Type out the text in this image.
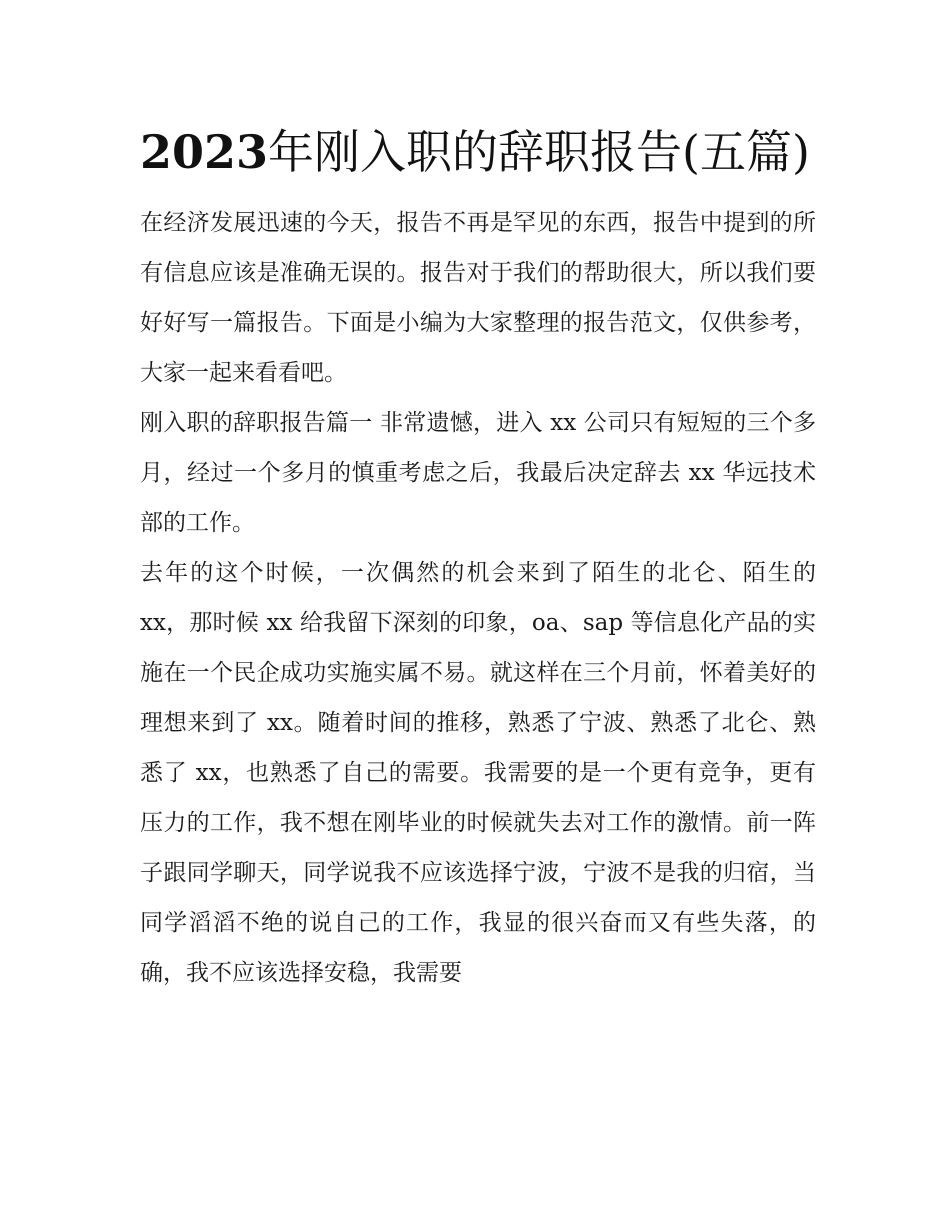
2023年刚入职的辞职报告(五篇)

在经济发展迅速的今天，报告不再是罕见的东西，报告中提到的所有信息应该是准确无误的。报告对于我们的帮助很大，所以我们要好好写一篇报告。下面是小编为大家整理的报告范文，仅供参考，大家一起来看看吧。

刚入职的辞职报告篇一 非常遗憾，进入 xx 公司只有短短的三个多月，经过一个多月的慎重考虑之后，我最后决定辞去 xx 华远技术部的工作。

去年的这个时候，一次偶然的机会来到了陌生的北仑、陌生的 xx，那时候 xx 给我留下深刻的印象，oa、sap 等信息化产品的实施在一个民企成功实施实属不易。就这样在三个月前，怀着美好的理想来到了 xx。随着时间的推移，熟悉了宁波、熟悉了北仑、熟悉了 xx，也熟悉了自己的需要。我需要的是一个更有竞争，更有压力的工作，我不想在刚毕业的时候就失去对工作的激情。前一阵子跟同学聊天，同学说我不应该选择宁波，宁波不是我的归宿，当同学滔滔不绝的说自己的工作，我显的很兴奋而又有些失落，的确，我不应该选择安稳，我需要
